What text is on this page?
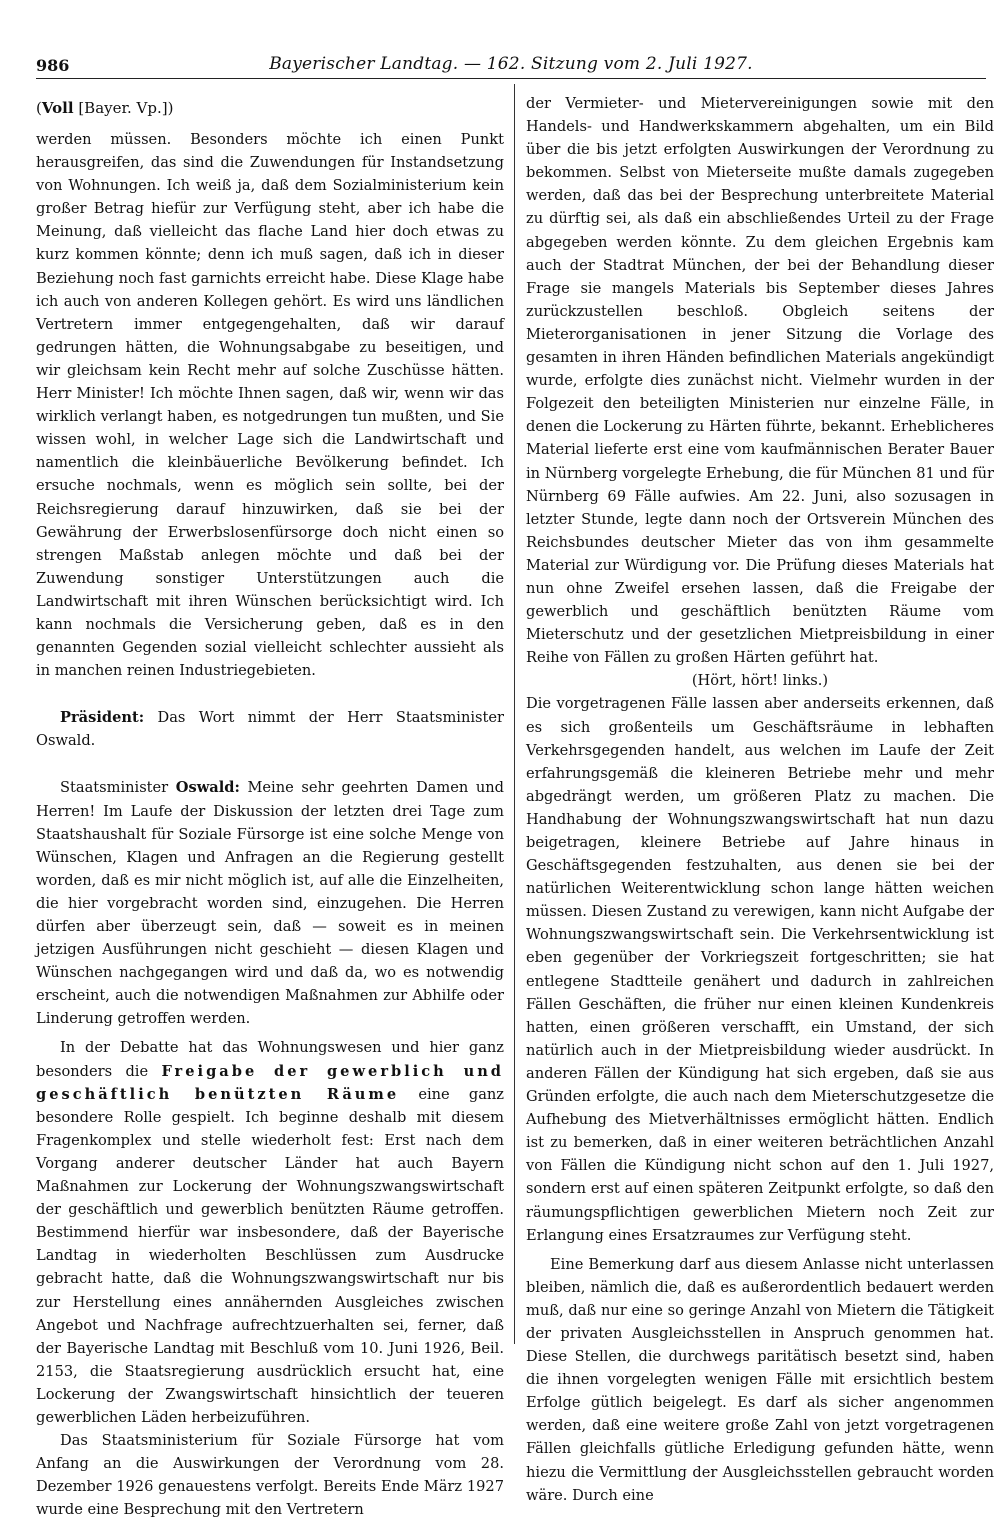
986	Bayerischer Landtag. — 162. Sitzung vom 2. Juli 1927.

(Voll [Bayer. Vp.])

werden müssen. Besonders möchte ich einen Punkt herausgreifen, das sind die Zuwendungen für Instandsetzung von Wohnungen. Ich weiß ja, daß dem Sozialministerium kein großer Betrag hiefür zur Verfügung steht, aber ich habe die Meinung, daß vielleicht das flache Land hier doch etwas zu kurz kommen könnte; denn ich muß sagen, daß ich in dieser Beziehung noch fast garnichts erreicht habe. Diese Klage habe ich auch von anderen Kollegen gehört. Es wird uns ländlichen Vertretern immer entgegengehalten, daß wir darauf gedrungen hätten, die Wohnungsabgabe zu beseitigen, und wir gleichsam kein Recht mehr auf solche Zuschüsse hätten. Herr Minister! Ich möchte Ihnen sagen, daß wir, wenn wir das wirklich verlangt haben, es notgedrungen tun mußten, und Sie wissen wohl, in welcher Lage sich die Landwirtschaft und namentlich die kleinbäuerliche Bevölkerung befindet. Ich ersuche nochmals, wenn es möglich sein sollte, bei der Reichsregierung darauf hinzuwirken, daß sie bei der Gewährung der Erwerbslosenfürsorge doch nicht einen so strengen Maßstab anlegen möchte und daß bei der Zuwendung sonstiger Unterstützungen auch die Landwirtschaft mit ihren Wünschen berücksichtigt wird. Ich kann nochmals die Versicherung geben, daß es in den genannten Gegenden sozial vielleicht schlechter aussieht als in manchen reinen Industriegebieten.

Präsident: Das Wort nimmt der Herr Staatsminister Oswald.

Staatsminister Oswald: Meine sehr geehrten Damen und Herren! Im Laufe der Diskussion der letzten drei Tage zum Staatshaushalt für Soziale Fürsorge ist eine solche Menge von Wünschen, Klagen und Anfragen an die Regierung gestellt worden, daß es mir nicht möglich ist, auf alle die Einzelheiten, die hier vorgebracht worden sind, einzugehen. Die Herren dürfen aber überzeugt sein, daß — soweit es in meinen jetzigen Ausführungen nicht geschieht — diesen Klagen und Wünschen nachgegangen wird und daß da, wo es notwendig erscheint, auch die notwendigen Maßnahmen zur Abhilfe oder Linderung getroffen werden.

In der Debatte hat das Wohnungswesen und hier ganz besonders die Freigabe der gewerblich und geschäftlich benützten Räume eine ganz besondere Rolle gespielt. Ich beginne deshalb mit diesem Fragenkomplex und stelle wiederholt fest: Erst nach dem Vorgang anderer deutscher Länder hat auch Bayern Maßnahmen zur Lockerung der Wohnungszwangswirtschaft der geschäftlich und gewerblich benützten Räume getroffen. Bestimmend hierfür war insbesondere, daß der Bayerische Landtag in wiederholten Beschlüssen zum Ausdrucke gebracht hatte, daß die Wohnungszwangswirtschaft nur bis zur Herstellung eines annähernden Ausgleiches zwischen Angebot und Nachfrage aufrechtzuerhalten sei, ferner, daß der Bayerische Landtag mit Beschluß vom 10. Juni 1926, Beil. 2153, die Staatsregierung ausdrücklich ersucht hat, eine Lockerung der Zwangswirtschaft hinsichtlich der teueren gewerblichen Läden herbeizuführen.

Das Staatsministerium für Soziale Fürsorge hat vom Anfang an die Auswirkungen der Verordnung vom 28. Dezember 1926 genauestens verfolgt. Bereits Ende März 1927 wurde eine Besprechung mit den Vertretern

der Vermieter- und Mietervereinigungen sowie mit den Handels- und Handwerkskammern abgehalten, um ein Bild über die bis jetzt erfolgten Auswirkungen der Verordnung zu bekommen. Selbst von Mieterseite mußte damals zugegeben werden, daß das bei der Besprechung unterbreitete Material zu dürftig sei, als daß ein abschließendes Urteil zu der Frage abgegeben werden könnte. Zu dem gleichen Ergebnis kam auch der Stadtrat München, der bei der Behandlung dieser Frage sie mangels Materials bis September dieses Jahres zurückzustellen beschloß. Obgleich seitens der Mieterorganisationen in jener Sitzung die Vorlage des gesamten in ihren Händen befindlichen Materials angekündigt wurde, erfolgte dies zunächst nicht. Vielmehr wurden in der Folgezeit den beteiligten Ministerien nur einzelne Fälle, in denen die Lockerung zu Härten führte, bekannt. Erheblicheres Material lieferte erst eine vom kaufmännischen Berater Bauer in Nürnberg vorgelegte Erhebung, die für München 81 und für Nürnberg 69 Fälle aufwies. Am 22. Juni, also sozusagen in letzter Stunde, legte dann noch der Ortsverein München des Reichsbundes deutscher Mieter das von ihm gesammelte Material zur Würdigung vor. Die Prüfung dieses Materials hat nun ohne Zweifel ersehen lassen, daß die Freigabe der gewerblich und geschäftlich benützten Räume vom Mieterschutz und der gesetzlichen Mietpreisbildung in einer Reihe von Fällen zu großen Härten geführt hat.

(Hört, hört! links.)

Die vorgetragenen Fälle lassen aber anderseits erkennen, daß es sich großenteils um Geschäftsräume in lebhaften Verkehrsgegenden handelt, aus welchen im Laufe der Zeit erfahrungsgemäß die kleineren Betriebe mehr und mehr abgedrängt werden, um größeren Platz zu machen. Die Handhabung der Wohnungszwangswirtschaft hat nun dazu beigetragen, kleinere Betriebe auf Jahre hinaus in Geschäftsgegenden festzuhalten, aus denen sie bei der natürlichen Weiterentwicklung schon lange hätten weichen müssen. Diesen Zustand zu verewigen, kann nicht Aufgabe der Wohnungszwangswirtschaft sein. Die Verkehrsentwicklung ist eben gegenüber der Vorkriegszeit fortgeschritten; sie hat entlegene Stadtteile genähert und dadurch in zahlreichen Fällen Geschäften, die früher nur einen kleinen Kundenkreis hatten, einen größeren verschafft, ein Umstand, der sich natürlich auch in der Mietpreisbildung wieder ausdrückt. In anderen Fällen der Kündigung hat sich ergeben, daß sie aus Gründen erfolgte, die auch nach dem Mieterschutzgesetze die Aufhebung des Mietverhältnisses ermöglicht hätten. Endlich ist zu bemerken, daß in einer weiteren beträchtlichen Anzahl von Fällen die Kündigung nicht schon auf den 1. Juli 1927, sondern erst auf einen späteren Zeitpunkt erfolgte, so daß den räumungspflichtigen gewerblichen Mietern noch Zeit zur Erlangung eines Ersatzraumes zur Verfügung steht.

Eine Bemerkung darf aus diesem Anlasse nicht unterlassen bleiben, nämlich die, daß es außerordentlich bedauert werden muß, daß nur eine so geringe Anzahl von Mietern die Tätigkeit der privaten Ausgleichsstellen in Anspruch genommen hat. Diese Stellen, die durchwegs paritätisch besetzt sind, haben die ihnen vorgelegten wenigen Fälle mit ersichtlich bestem Erfolge gütlich beigelegt. Es darf als sicher angenommen werden, daß eine weitere große Zahl von jetzt vorgetragenen Fällen gleichfalls gütliche Erledigung gefunden hätte, wenn hiezu die Vermittlung der Ausgleichsstellen gebraucht worden wäre. Durch eine
